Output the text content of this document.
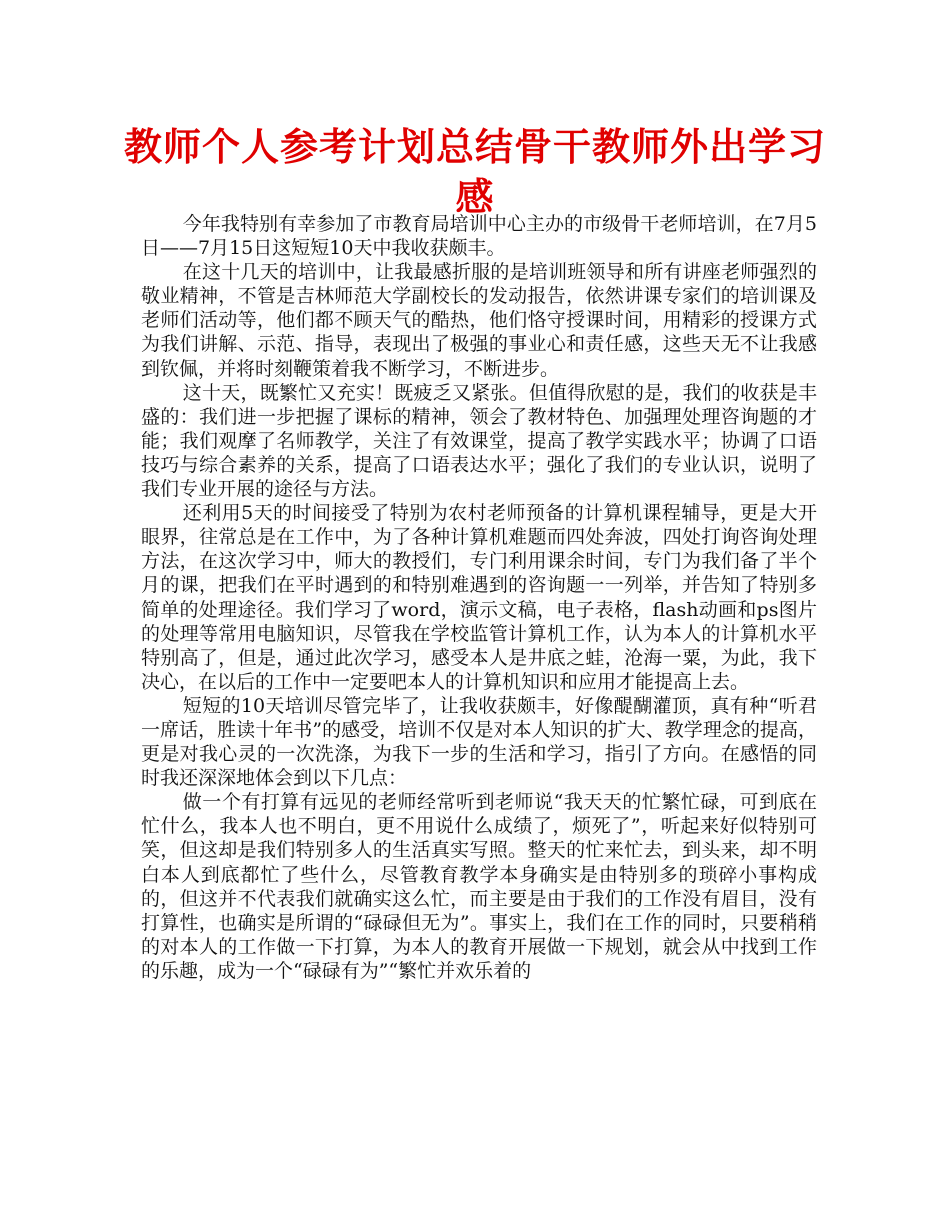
教师个人参考计划总结骨干教师外出学习感

今年我特别有幸参加了市教育局培训中心主办的市级骨干老师培训，在7月5日——7月15日这短短10天中我收获颇丰。

在这十几天的培训中，让我最感折服的是培训班领导和所有讲座老师强烈的敬业精神，不管是吉林师范大学副校长的发动报告，依然讲课专家们的培训课及老师们活动等，他们都不顾天气的酷热，他们恪守授课时间，用精彩的授课方式为我们讲解、示范、指导，表现出了极强的事业心和责任感，这些天无不让我感到钦佩，并将时刻鞭策着我不断学习，不断进步。

这十天，既繁忙又充实！既疲乏又紧张。但值得欣慰的是，我们的收获是丰盛的：我们进一步把握了课标的精神，领会了教材特色、加强理处理咨询题的才能；我们观摩了名师教学，关注了有效课堂，提高了教学实践水平；协调了口语技巧与综合素养的关系，提高了口语表达水平；强化了我们的专业认识，说明了我们专业开展的途径与方法。

还利用5天的时间接受了特别为农村老师预备的计算机课程辅导，更是大开眼界，往常总是在工作中，为了各种计算机难题而四处奔波，四处打询咨询处理方法，在这次学习中，师大的教授们，专门利用课余时间，专门为我们备了半个月的课，把我们在平时遇到的和特别难遇到的咨询题一一列举，并告知了特别多简单的处理途径。我们学习了word，演示文稿，电子表格，flash动画和ps图片的处理等常用电脑知识，尽管我在学校监管计算机工作，认为本人的计算机水平特别高了，但是，通过此次学习，感受本人是井底之蛙，沧海一粟，为此，我下决心，在以后的工作中一定要吧本人的计算机知识和应用才能提高上去。

短短的10天培训尽管完毕了，让我收获颇丰，好像醍醐灌顶，真有种“听君一席话，胜读十年书”的感受，培训不仅是对本人知识的扩大、教学理念的提高，更是对我心灵的一次洗涤，为我下一步的生活和学习，指引了方向。在感悟的同时我还深深地体会到以下几点：

做一个有打算有远见的老师经常听到老师说“我天天的忙繁忙碌，可到底在忙什么，我本人也不明白，更不用说什么成绩了，烦死了”，听起来好似特别可笑，但这却是我们特别多人的生活真实写照。整天的忙来忙去，到头来，却不明白本人到底都忙了些什么，尽管教育教学本身确实是由特别多的琐碎小事构成的，但这并不代表我们就确实这么忙，而主要是由于我们的工作没有眉目，没有打算性，也确实是所谓的“碌碌但无为”。事实上，我们在工作的同时，只要稍稍的对本人的工作做一下打算，为本人的教育开展做一下规划，就会从中找到工作的乐趣，成为一个“碌碌有为”“繁忙并欢乐着的
